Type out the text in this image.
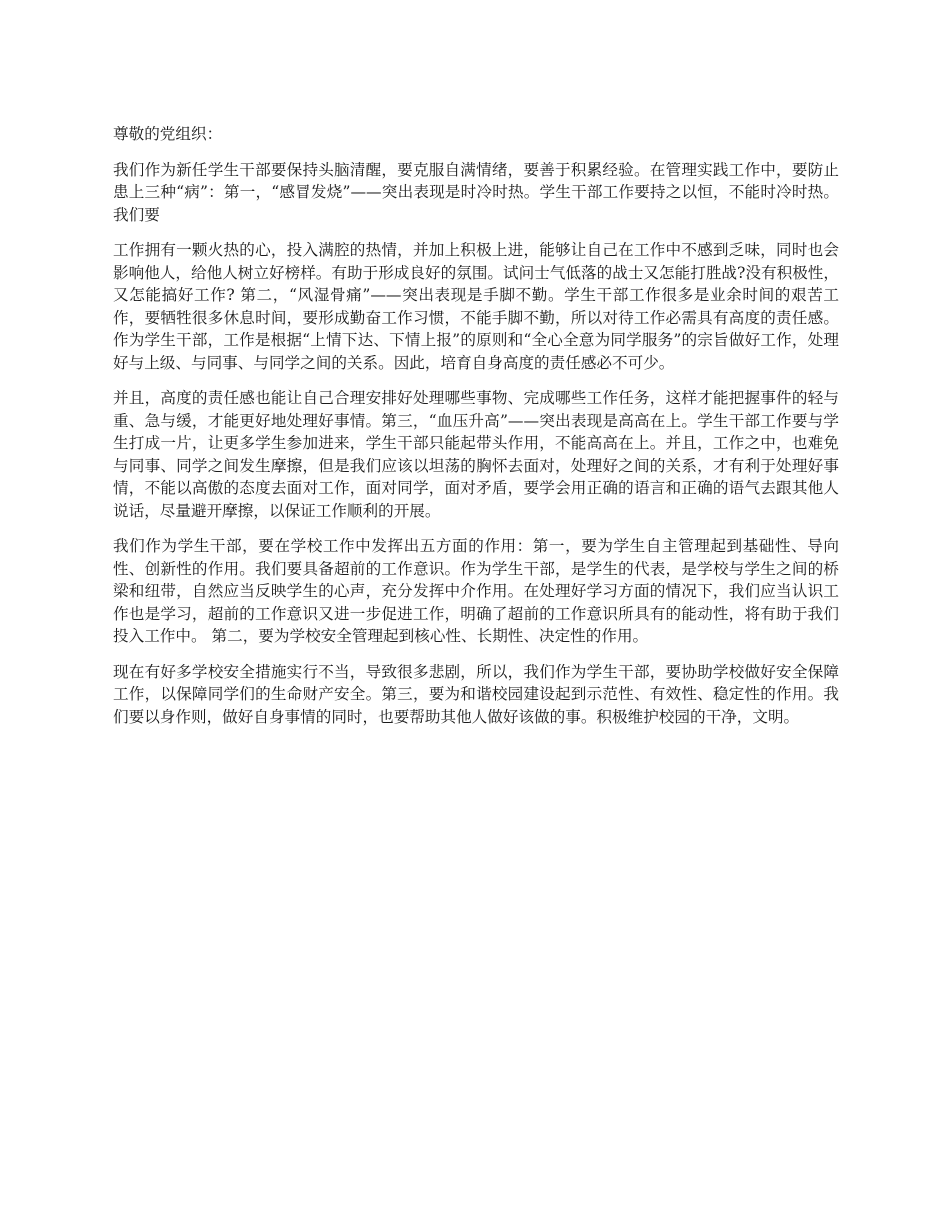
尊敬的党组织：

我们作为新任学生干部要保持头脑清醒，要克服自满情绪，要善于积累经验。在管理实践工作中，要防止患上三种“病”：第一，“感冒发烧”——突出表现是时冷时热。学生干部工作要持之以恒，不能时冷时热。我们要

工作拥有一颗火热的心，投入满腔的热情，并加上积极上进，能够让自己在工作中不感到乏味，同时也会影响他人，给他人树立好榜样。有助于形成良好的氛围。试问士气低落的战士又怎能打胜战?没有积极性，又怎能搞好工作? 第二，“风湿骨痛”——突出表现是手脚不勤。学生干部工作很多是业余时间的艰苦工作，要牺牲很多休息时间，要形成勤奋工作习惯，不能手脚不勤，所以对待工作必需具有高度的责任感。作为学生干部，工作是根据“上情下达、下情上报”的原则和“全心全意为同学服务”的宗旨做好工作，处理好与上级、与同事、与同学之间的关系。因此，培育自身高度的责任感必不可少。

并且，高度的责任感也能让自己合理安排好处理哪些事物、完成哪些工作任务，这样才能把握事件的轻与重、急与缓，才能更好地处理好事情。第三，“血压升高”——突出表现是高高在上。学生干部工作要与学生打成一片，让更多学生参加进来，学生干部只能起带头作用，不能高高在上。并且，工作之中，也难免与同事、同学之间发生摩擦，但是我们应该以坦荡的胸怀去面对，处理好之间的关系，才有利于处理好事情，不能以高傲的态度去面对工作，面对同学，面对矛盾，要学会用正确的语言和正确的语气去跟其他人说话，尽量避开摩擦，以保证工作顺利的开展。

我们作为学生干部，要在学校工作中发挥出五方面的作用：第一，要为学生自主管理起到基础性、导向性、创新性的作用。我们要具备超前的工作意识。作为学生干部，是学生的代表，是学校与学生之间的桥梁和纽带，自然应当反映学生的心声，充分发挥中介作用。在处理好学习方面的情况下，我们应当认识工作也是学习，超前的工作意识又进一步促进工作，明确了超前的工作意识所具有的能动性，将有助于我们投入工作中。 第二，要为学校安全管理起到核心性、长期性、决定性的作用。

现在有好多学校安全措施实行不当，导致很多悲剧，所以，我们作为学生干部，要协助学校做好安全保障工作，以保障同学们的生命财产安全。第三，要为和谐校园建设起到示范性、有效性、稳定性的作用。我们要以身作则，做好自身事情的同时，也要帮助其他人做好该做的事。积极维护校园的干净，文明。
